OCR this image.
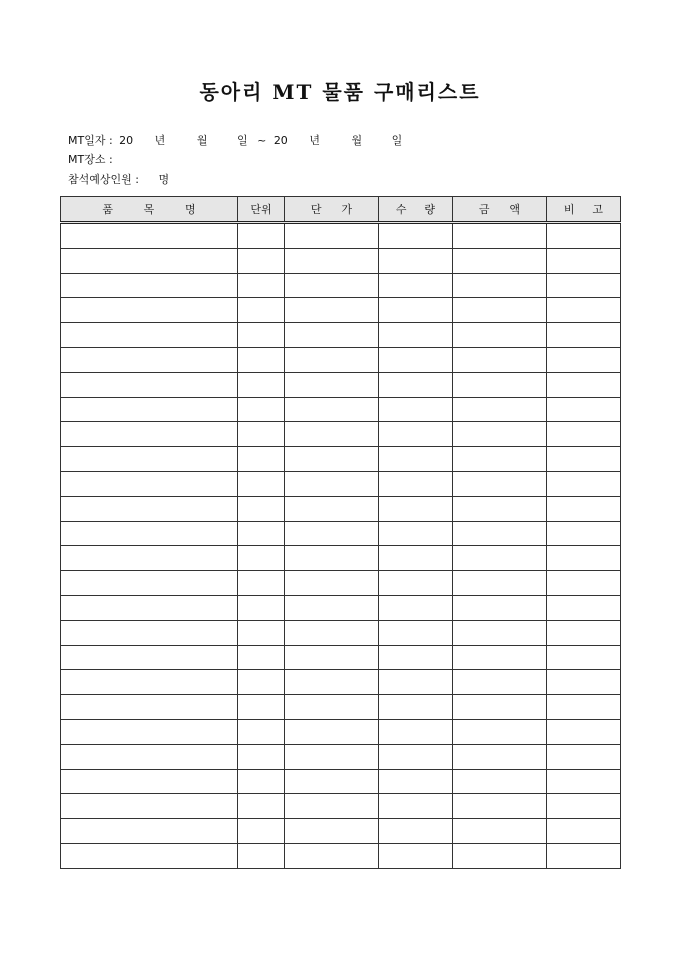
동아리 MT 물품 구매리스트
MT일자 : 20 년	월	일 ~ 20 년	월	일
MT장소 :
참석예상인원 : 명
품 목 명	단위	단 가	수 량	금 액	비 고
